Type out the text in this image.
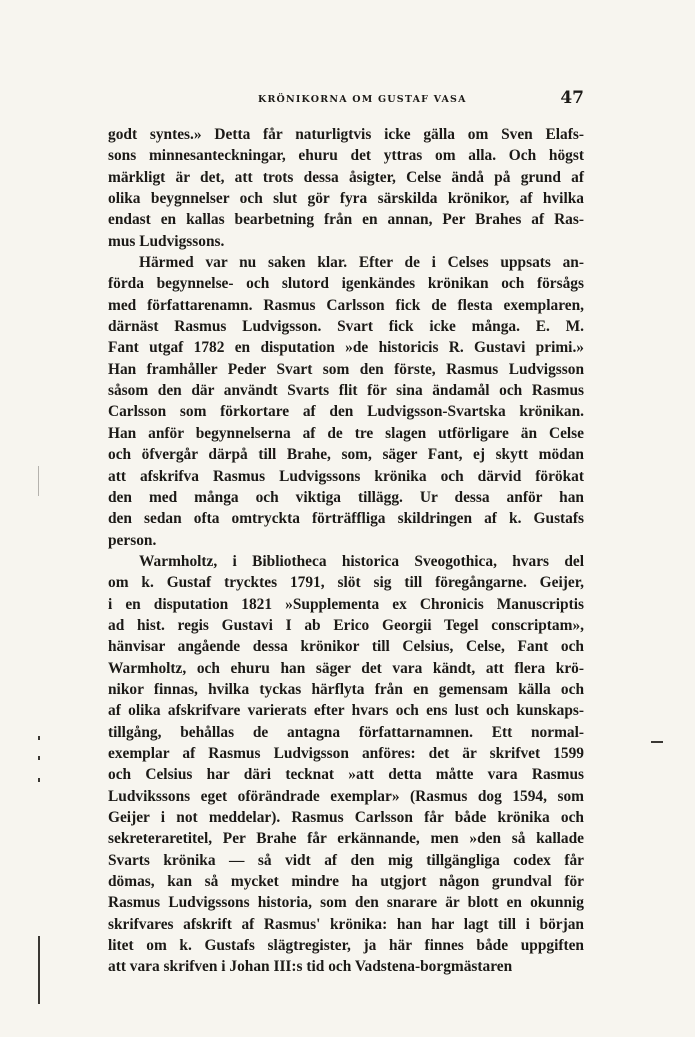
KRÖNIKORNA OM GUSTAF VASA	47
godt syntes.» Detta får naturligtvis icke gälla om Sven Elafs-
sons minnesanteckningar, ehuru det yttras om alla. Och högst
märkligt är det, att trots dessa åsigter, Celse ändå på grund af
olika beygnnelser och slut gör fyra särskilda krönikor, af hvilka
endast en kallas bearbetning från en annan, Per Brahes af Ras-
mus Ludvigssons.
Härmed var nu saken klar. Efter de i Celses uppsats an-
förda begynnelse- och slutord igenkändes krönikan och försågs
med författarenamn. Rasmus Carlsson fick de flesta exemplaren,
därnäst Rasmus Ludvigsson. Svart fick icke många. E. M.
Fant utgaf 1782 en disputation »de historicis R. Gustavi primi.»
Han framhåller Peder Svart som den förste, Rasmus Ludvigsson
såsom den där användt Svarts flit för sina ändamål och Rasmus
Carlsson som förkortare af den Ludvigsson-Svartska krönikan.
Han anför begynnelserna af de tre slagen utförligare än Celse
och öfvergår därpå till Brahe, som, säger Fant, ej skytt mödan
att afskrifva Rasmus Ludvigssons krönika och därvid förökat
den med många och viktiga tillägg. Ur dessa anför han
den sedan ofta omtryckta förträffliga skildringen af k. Gustafs
person.
Warmholtz, i Bibliotheca historica Sveogothica, hvars del
om k. Gustaf trycktes 1791, slöt sig till föregångarne. Geijer,
i en disputation 1821 »Supplementa ex Chronicis Manuscriptis
ad hist. regis Gustavi I ab Erico Georgii Tegel conscriptam»,
hänvisar angående dessa krönikor till Celsius, Celse, Fant och
Warmholtz, och ehuru han säger det vara kändt, att flera krö-
nikor finnas, hvilka tyckas härflyta från en gemensam källa och
af olika afskrifvare varierats efter hvars och ens lust och kunskaps-
tillgång, behållas de antagna författarnamnen. Ett normal-
exemplar af Rasmus Ludvigsson anföres: det är skrifvet 1599
och Celsius har däri tecknat »att detta måtte vara Rasmus
Ludvikssons eget oförändrade exemplar» (Rasmus dog 1594, som
Geijer i not meddelar). Rasmus Carlsson får både krönika och
sekreteraretitel, Per Brahe får erkännande, men »den så kallade
Svarts krönika — så vidt af den mig tillgängliga codex får
dömas, kan så mycket mindre ha utgjort någon grundval för
Rasmus Ludvigssons historia, som den snarare är blott en okunnig
skrifvares afskrift af Rasmus' krönika: han har lagt till i början
litet om k. Gustafs slägtregister, ja här finnes både uppgiften
att vara skrifven i Johan III:s tid och Vadstena-borgmästaren
